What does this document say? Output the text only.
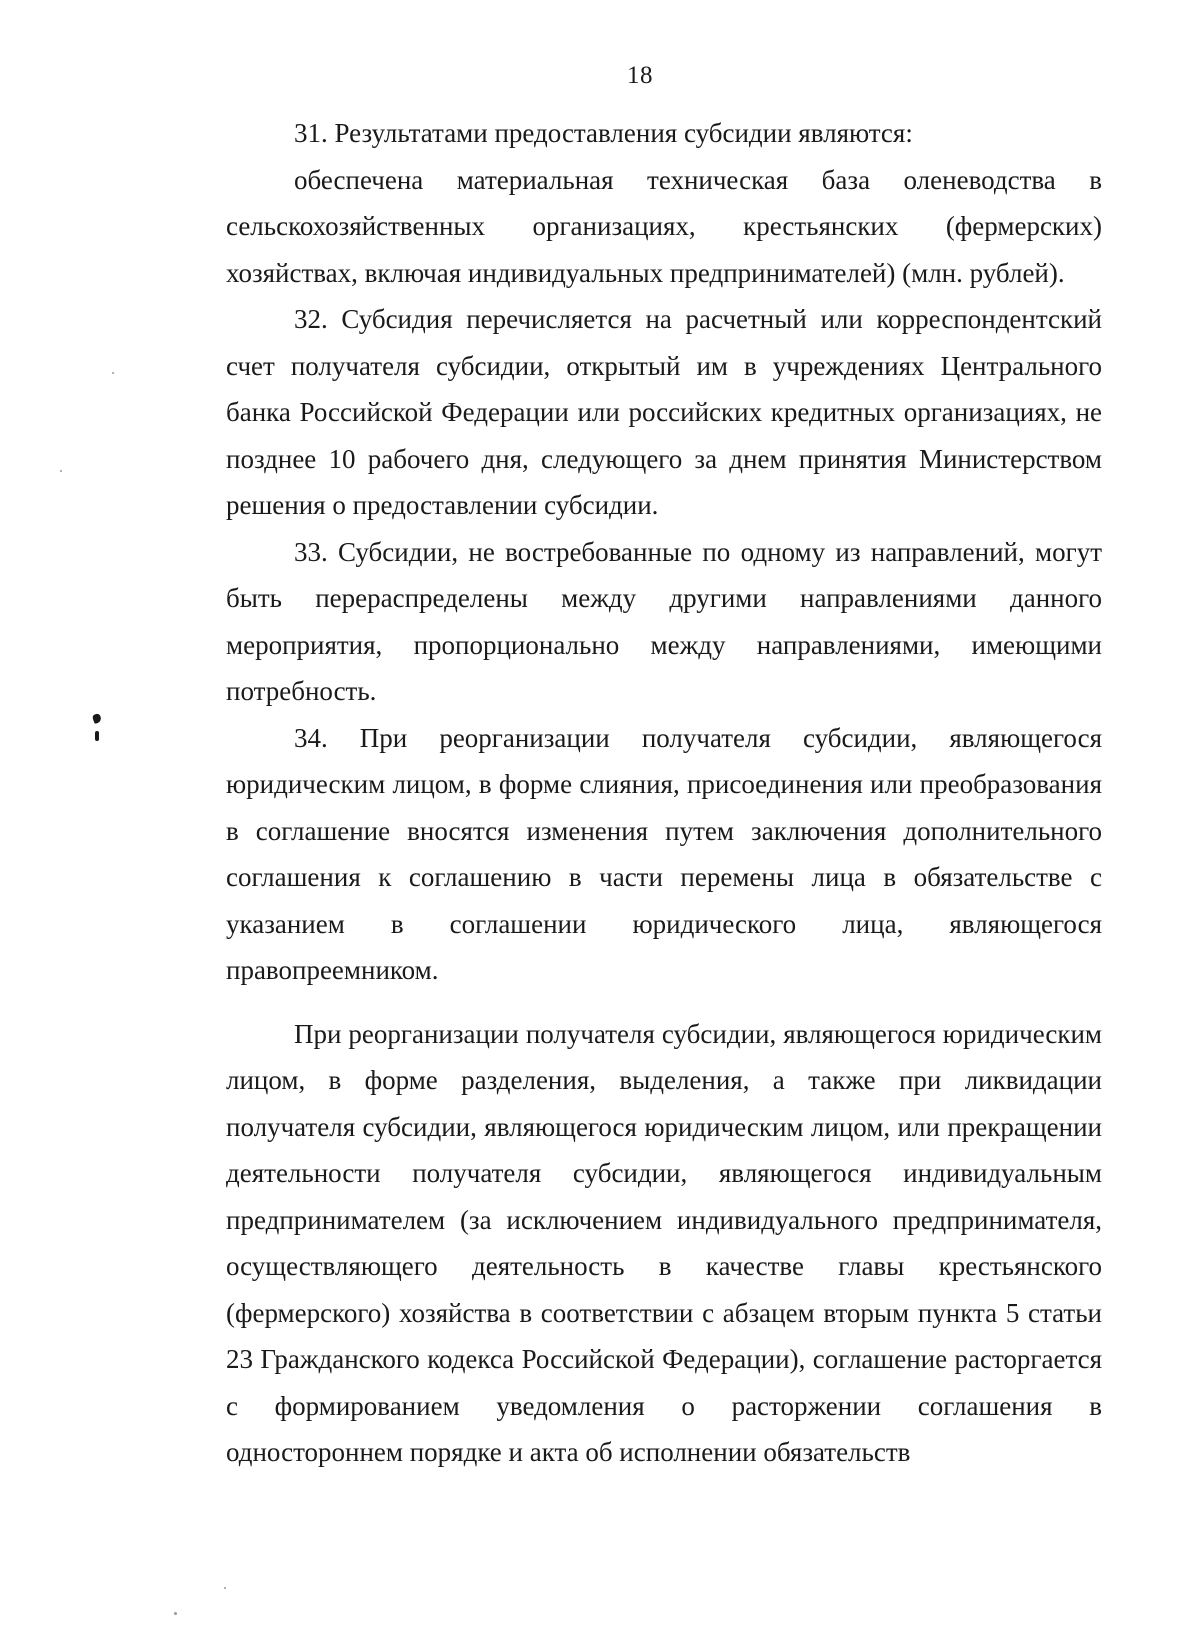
18

31. Результатами предоставления субсидии являются:

обеспечена материальная техническая база оленеводства в сельскохозяйственных организациях, крестьянских (фермерских) хозяйствах, включая индивидуальных предпринимателей) (млн. рублей).

32. Субсидия перечисляется на расчетный или корреспондентский счет получателя субсидии, открытый им в учреждениях Центрального банка Российской Федерации или российских кредитных организациях, не позднее 10 рабочего дня, следующего за днем принятия Министерством решения о предоставлении субсидии.

33. Субсидии, не востребованные по одному из направлений, могут быть перераспределены между другими направлениями данного мероприятия, пропорционально между направлениями, имеющими потребность.

34. При реорганизации получателя субсидии, являющегося юридическим лицом, в форме слияния, присоединения или преобразования в соглашение вносятся изменения путем заключения дополнительного соглашения к соглашению в части перемены лица в обязательстве с указанием в соглашении юридического лица, являющегося правопреемником.

При реорганизации получателя субсидии, являющегося юридическим лицом, в форме разделения, выделения, а также при ликвидации получателя субсидии, являющегося юридическим лицом, или прекращении деятельности получателя субсидии, являющегося индивидуальным предпринимателем (за исключением индивидуального предпринимателя, осуществляющего деятельность в качестве главы крестьянского (фермерского) хозяйства в соответствии с абзацем вторым пункта 5 статьи 23 Гражданского кодекса Российской Федерации), соглашение расторгается с формированием уведомления о расторжении соглашения в одностороннем порядке и акта об исполнении обязательств
